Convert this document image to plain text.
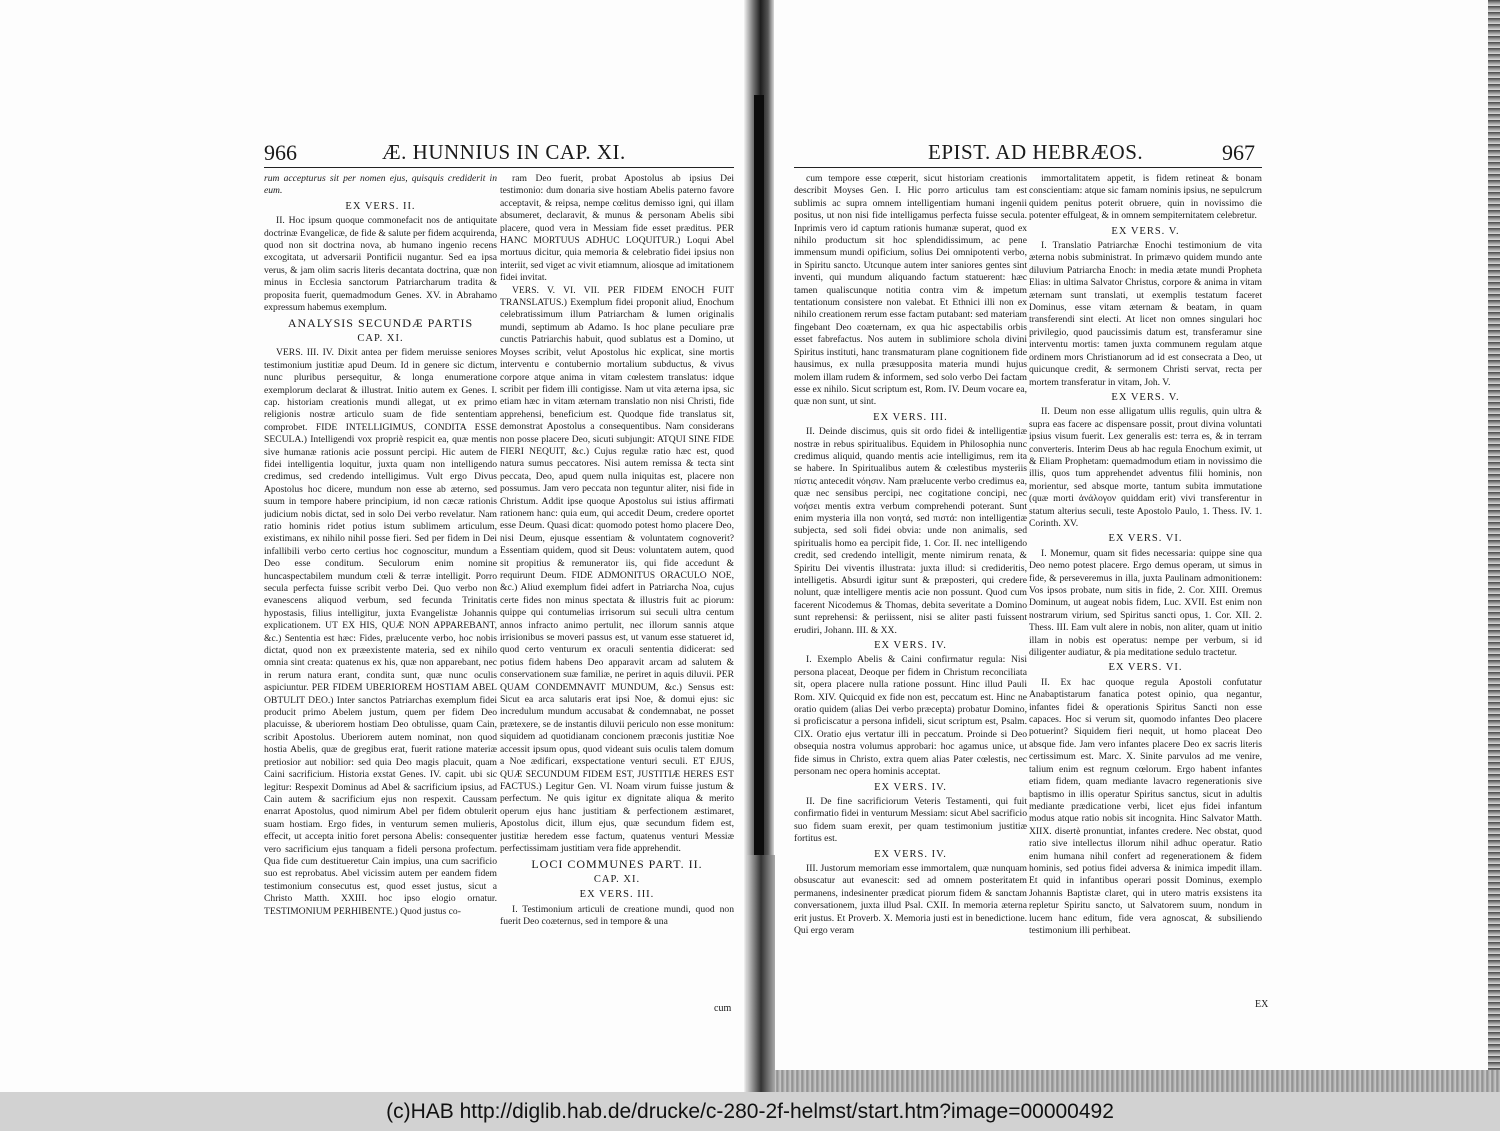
966	Æ. HUNNIUS IN CAP. XI.

rum accepturus sit per nomen ejus, quisquis crediderit in eum.

EX VERS. II.

II. Hoc ipsum quoque commonefacit nos de antiquitate doctrinæ Evangelicæ, de fide & salute per fidem acquirenda, quod non sit doctrina nova, ab humano ingenio recens excogitata, ut adversarii Pontificii nugantur. Sed ea ipsa verus, & jam olim sacris literis decantata doctrina, quæ non minus in Ecclesia sanctorum Patriarcharum tradita & proposita fuerit, quemadmodum Genes. XV. in Abrahamo expressum habemus exemplum.

ANALYSIS SECUNDÆ PARTIS

CAP. XI.

VERS. III. IV. Dixit antea per fidem meruisse seniores testimonium justitiæ apud Deum. Id in genere sic dictum, nunc pluribus persequitur, & longa enumeratione exemplorum declarat & illustrat. Initio autem ex Genes. I. cap. historiam creationis mundi allegat, ut ex primo religionis nostræ articulo suam de fide sententiam comprobet. FIDE INTELLIGIMUS, CONDITA ESSE SECULA.) Intelligendi vox propriè respicit ea, quæ mentis sive humanæ rationis acie possunt percipi. Hic autem de fidei intelligentia loquitur, juxta quam non intelligendo credimus, sed credendo intelligimus. Vult ergo Divus Apostolus hoc dicere, mundum non esse ab æterno, sed suum in tempore habere principium, id non cæcæ rationis judicium nobis dictat, sed in solo Dei verbo revelatur. Nam ratio hominis ridet potius istum sublimem articulum, existimans, ex nihilo nihil posse fieri. Sed per fidem in Dei infallibili verbo certo certius hoc cognoscitur, mundum a Deo esse conditum. Seculorum enim nomine huncaspectabilem mundum cœli & terræ intelligit. Porro secula perfecta fuisse scribit verbo Dei. Quo verbo non evanescens aliquod verbum, sed fecunda Trinitatis hypostasis, filius intelligitur, juxta Evangelistæ Johannis explicationem. UT EX HIS, QUÆ NON APPAREBANT, &c.) Sententia est hæc: Fides, prælucente verbo, hoc nobis dictat, quod non ex præexistente materia, sed ex nihilo omnia sint creata: quatenus ex his, quæ non apparebant, nec in rerum natura erant, condita sunt, quæ nunc oculis aspiciuntur. PER FIDEM UBERIOREM HOSTIAM ABEL OBTULIT DEO.) Inter sanctos Patriarchas exemplum fidei producit primo Abelem justum, quem per fidem Deo placuisse, & uberiorem hostiam Deo obtulisse, quam Cain, scribit Apostolus. Uberiorem autem nominat, non quod hostia Abelis, quæ de gregibus erat, fuerit ratione materiæ pretiosior aut nobilior: sed quia Deo magis placuit, quam Caini sacrificium. Historia exstat Genes. IV. capit. ubi sic legitur: Respexit Dominus ad Abel & sacrificium ipsius, ad Cain autem & sacrificium ejus non respexit. Caussam enarrat Apostolus, quod nimirum Abel per fidem obtulerit suam hostiam. Ergo fides, in venturum semen mulieris, effecit, ut accepta initio foret persona Abelis: consequenter vero sacrificium ejus tanquam a fideli persona profectum. Qua fide cum destitueretur Cain impius, una cum sacrificio suo est reprobatus. Abel vicissim autem per eandem fidem testimonium consecutus est, quod esset justus, sicut a Christo Matth. XXIII. hoc ipso elogio ornatur. TESTIMONIUM PERHIBENTE.) Quod justus co-

ram Deo fuerit, probat Apostolus ab ipsius Dei testimonio: dum donaria sive hostiam Abelis paterno favore acceptavit, & reipsa, nempe cœlitus demisso igni, qui illam absumeret, declaravit, & munus & personam Abelis sibi placere, quod vera in Messiam fide esset præditus. PER HANC MORTUUS ADHUC LOQUITUR.) Loqui Abel mortuus dicitur, quia memoria & celebratio fidei ipsius non interiit, sed viget ac vivit etiamnum, aliosque ad imitationem fidei invitat.

VERS. V. VI. VII. PER FIDEM ENOCH FUIT TRANSLATUS.) Exemplum fidei proponit aliud, Enochum celebratissimum illum Patriarcham & lumen originalis mundi, septimum ab Adamo. Is hoc plane peculiare præ cunctis Patriarchis habuit, quod sublatus est a Domino, ut Moyses scribit, velut Apostolus hic explicat, sine mortis interventu e contubernio mortalium subductus, & vivus corpore atque anima in vitam cœlestem translatus: idque scribit per fidem illi contigisse. Nam ut vita æterna ipsa, sic etiam hæc in vitam æternam translatio non nisi Christi, fide apprehensi, beneficium est. Quodque fide translatus sit, demonstrat Apostolus a consequentibus. Nam considerans non posse placere Deo, sicuti subjungit: ATQUI SINE FIDE FIERI NEQUIT, &c.) Cujus regulæ ratio hæc est, quod natura sumus peccatores. Nisi autem remissa & tecta sint peccata, Deo, apud quem nulla iniquitas est, placere non possumus. Jam vero peccata non teguntur aliter, nisi fide in Christum. Addit ipse quoque Apostolus sui istius affirmati rationem hanc: quia eum, qui accedit Deum, credere oportet esse Deum. Quasi dicat: quomodo potest homo placere Deo, nisi Deum, ejusque essentiam & voluntatem cognoverit? Essentiam quidem, quod sit Deus: voluntatem autem, quod sit propitius & remunerator iis, qui fide accedunt & requirunt Deum. FIDE ADMONITUS ORACULO NOE, &c.) Aliud exemplum fidei adfert in Patriarcha Noa, cujus certe fides non minus spectata & illustris fuit ac piorum: quippe qui contumelias irrisorum sui seculi ultra centum annos infracto animo pertulit, nec illorum sannis atque irrisionibus se moveri passus est, ut vanum esse statueret id, quod certo venturum ex oraculi sententia didicerat: sed potius fidem habens Deo apparavit arcam ad salutem & conservationem suæ familiæ, ne periret in aquis diluvii. PER QUAM CONDEMNAVIT MUNDUM, &c.) Sensus est: Sicut ea arca salutaris erat ipsi Noe, & domui ejus: sic incredulum mundum accusabat & condemnabat, ne posset prætexere, se de instantis diluvii periculo non esse monitum: siquidem ad quotidianam concionem præconis justitiæ Noe accessit ipsum opus, quod videant suis oculis talem domum a Noe ædificari, exspectatione venturi seculi. ET EJUS, QUÆ SECUNDUM FIDEM EST, JUSTITIÆ HERES EST FACTUS.) Legitur Gen. VI. Noam virum fuisse justum & perfectum. Ne quis igitur ex dignitate aliqua & merito operum ejus hanc justitiam & perfectionem æstimaret, Apostolus dicit, illum ejus, quæ secundum fidem est, justitiæ heredem esse factum, quatenus venturi Messiæ perfectissimam justitiam vera fide apprehendit.

LOCI COMMUNES PART. II.

CAP. XI.

EX VERS. III.

I. Testimonium articuli de creatione mundi, quod non fuerit Deo coæternus, sed in tempore & una

cum
EPIST. AD HEBRÆOS.	967

cum tempore esse cœperit, sicut historiam creationis describit Moyses Gen. I. Hic porro articulus tam est sublimis ac supra omnem intelligentiam humani ingenii positus, ut non nisi fide intelligamus perfecta fuisse secula. Inprimis vero id captum rationis humanæ superat, quod ex nihilo productum sit hoc splendidissimum, ac pene immensum mundi opificium, solius Dei omnipotenti verbo, in Spiritu sancto. Utcunque autem inter saniores gentes sint inventi, qui mundum aliquando factum statuerent: hæc tamen qualiscunque notitia contra vim & impetum tentationum consistere non valebat. Et Ethnici illi non ex nihilo creationem rerum esse factam putabant: sed materiam fingebant Deo coæternam, ex qua hic aspectabilis orbis esset fabrefactus. Nos autem in sublimiore schola divini Spiritus instituti, hanc transmaturam plane cognitionem fide hausimus, ex nulla præsupposita materia mundi hujus molem illam rudem & informem, sed solo verbo Dei factam esse ex nihilo. Sicut scriptum est, Rom. IV. Deum vocare ea, quæ non sunt, ut sint.

EX VERS. III.

II. Deinde discimus, quis sit ordo fidei & intelligentiæ nostræ in rebus spiritualibus. Equidem in Philosophia nunc credimus aliquid, quando mentis acie intelligimus, rem ita se habere. In Spiritualibus autem & cœlestibus mysteriis πίστις antecedit νόησιν. Nam prælucente verbo credimus ea, quæ nec sensibus percipi, nec cogitatione concipi, nec νοήσει mentis extra verbum comprehendi poterant. Sunt enim mysteria illa non νοητά, sed πιστά: non intelligentiæ subjecta, sed soli fidei obvia: unde non animalis, sed spiritualis homo ea percipit fide, 1. Cor. II. nec intelligendo credit, sed credendo intelligit, mente nimirum renata, & Spiritu Dei viventis illustrata: juxta illud: si credideritis, intelligetis. Absurdi igitur sunt & præposteri, qui credere nolunt, quæ intelligere mentis acie non possunt. Quod cum facerent Nicodemus & Thomas, debita severitate a Domino sunt reprehensi: & periissent, nisi se aliter pasti fuissent erudiri, Johann. III. & XX.

EX VERS. IV.

I. Exemplo Abelis & Caini confirmatur regula: Nisi persona placeat, Deoque per fidem in Christum reconciliata sit, opera placere nulla ratione possunt. Hinc illud Pauli Rom. XIV. Quicquid ex fide non est, peccatum est. Hinc ne oratio quidem (alias Dei verbo præcepta) probatur Domino, si proficiscatur a persona infideli, sicut scriptum est, Psalm. CIX. Oratio ejus vertatur illi in peccatum. Proinde si Deo obsequia nostra volumus approbari: hoc agamus unice, ut fide simus in Christo, extra quem alias Pater cœlestis, nec personam nec opera hominis acceptat.

EX VERS. IV.

II. De fine sacrificiorum Veteris Testamenti, qui fuit confirmatio fidei in venturum Messiam: sicut Abel sacrificio suo fidem suam erexit, per quam testimonium justitiæ fortitus est.

EX VERS. IV.

III. Justorum memoriam esse immortalem, quæ nunquam obsuscatur aut evanescit: sed ad omnem posteritatem permanens, indesinenter prædicat piorum fidem & sanctam conversationem, juxta illud Psal. CXII. In memoria æterna erit justus. Et Proverb. X. Memoria justi est in benedictione. Qui ergo veram

immortalitatem appetit, is fidem retineat & bonam conscientiam: atque sic famam nominis ipsius, ne sepulcrum quidem penitus poterit obruere, quin in novissimo die potenter effulgeat, & in omnem sempiternitatem celebretur.

EX VERS. V.

I. Translatio Patriarchæ Enochi testimonium de vita æterna nobis subministrat. In primævo quidem mundo ante diluvium Patriarcha Enoch: in media ætate mundi Propheta Elias: in ultima Salvator Christus, corpore & anima in vitam æternam sunt translati, ut exemplis testatum faceret Dominus, esse vitam æternam & beatam, in quam transferendi sint electi. At licet non omnes singulari hoc privilegio, quod paucissimis datum est, transferamur sine interventu mortis: tamen juxta communem regulam atque ordinem mors Christianorum ad id est consecrata a Deo, ut quicunque credit, & sermonem Christi servat, recta per mortem transferatur in vitam, Joh. V.

EX VERS. V.

II. Deum non esse alligatum ullis regulis, quin ultra & supra eas facere ac dispensare possit, prout divina voluntati ipsius visum fuerit. Lex generalis est: terra es, & in terram converteris. Interim Deus ab hac regula Enochum eximit, ut & Eliam Prophetam: quemadmodum etiam in novissimo die illis, quos tum apprehendet adventus filii hominis, non morientur, sed absque morte, tantum subita immutatione (quæ morti ἀνάλογον quiddam erit) vivi transferentur in statum alterius seculi, teste Apostolo Paulo, 1. Thess. IV. 1. Corinth. XV.

EX VERS. VI.

I. Monemur, quam sit fides necessaria: quippe sine qua Deo nemo potest placere. Ergo demus operam, ut simus in fide, & perseveremus in illa, juxta Paulinam admonitionem: Vos ipsos probate, num sitis in fide, 2. Cor. XIII. Oremus Dominum, ut augeat nobis fidem, Luc. XVII. Est enim non nostrarum virium, sed Spiritus sancti opus, 1. Cor. XII. 2. Thess. III. Eam vult alere in nobis, non aliter, quam ut initio illam in nobis est operatus: nempe per verbum, si id diligenter audiatur, & pia meditatione sedulo tractetur.

EX VERS. VI.

II. Ex hac quoque regula Apostoli confutatur Anabaptistarum fanatica potest opinio, qua negantur, infantes fidei & operationis Spiritus Sancti non esse capaces. Hoc si verum sit, quomodo infantes Deo placere potuerint? Siquidem fieri nequit, ut homo placeat Deo absque fide. Jam vero infantes placere Deo ex sacris literis certissimum est. Marc. X. Sinite parvulos ad me venire, talium enim est regnum cœlorum. Ergo habent infantes etiam fidem, quam mediante lavacro regenerationis sive baptismo in illis operatur Spiritus sanctus, sicut in adultis mediante prædicatione verbi, licet ejus fidei infantum modus atque ratio nobis sit incognita. Hinc Salvator Matth. XIIX. disertè pronuntiat, infantes credere. Nec obstat, quod ratio sive intellectus illorum nihil adhuc operatur. Ratio enim humana nihil confert ad regenerationem & fidem hominis, sed potius fidei adversa & inimica impedit illam. Et quid in infantibus operari possit Dominus, exemplo Johannis Baptistæ claret, qui in utero matris exsistens ita repletur Spiritu sancto, ut Salvatorem suum, nondum in lucem hanc editum, fide vera agnoscat, & subsiliendo testimonium illi perhibeat.

EX
(c)HAB http://diglib.hab.de/drucke/c-280-2f-helmst/start.htm?image=00000492
